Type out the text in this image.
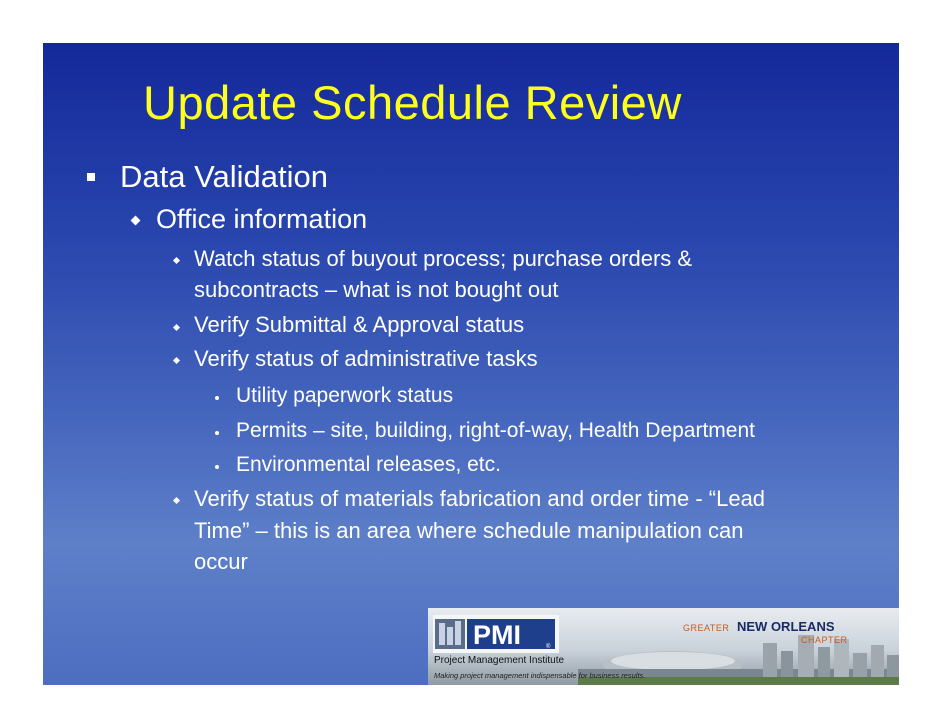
Update Schedule Review

Data Validation

Office information

Watch status of buyout process; purchase orders &

subcontracts – what is not bought out

Verify Submittal & Approval status

Verify status of administrative tasks

Utility paperwork status

Permits – site, building, right-of-way, Health Department

Environmental releases, etc.

Verify status of materials fabrication and order time - “Lead

Time” – this is an area where schedule manipulation can

occur

PMI	®
Project Management Institute
Making project management indispensable for business results.
GREATER NEW ORLEANS
CHAPTER
